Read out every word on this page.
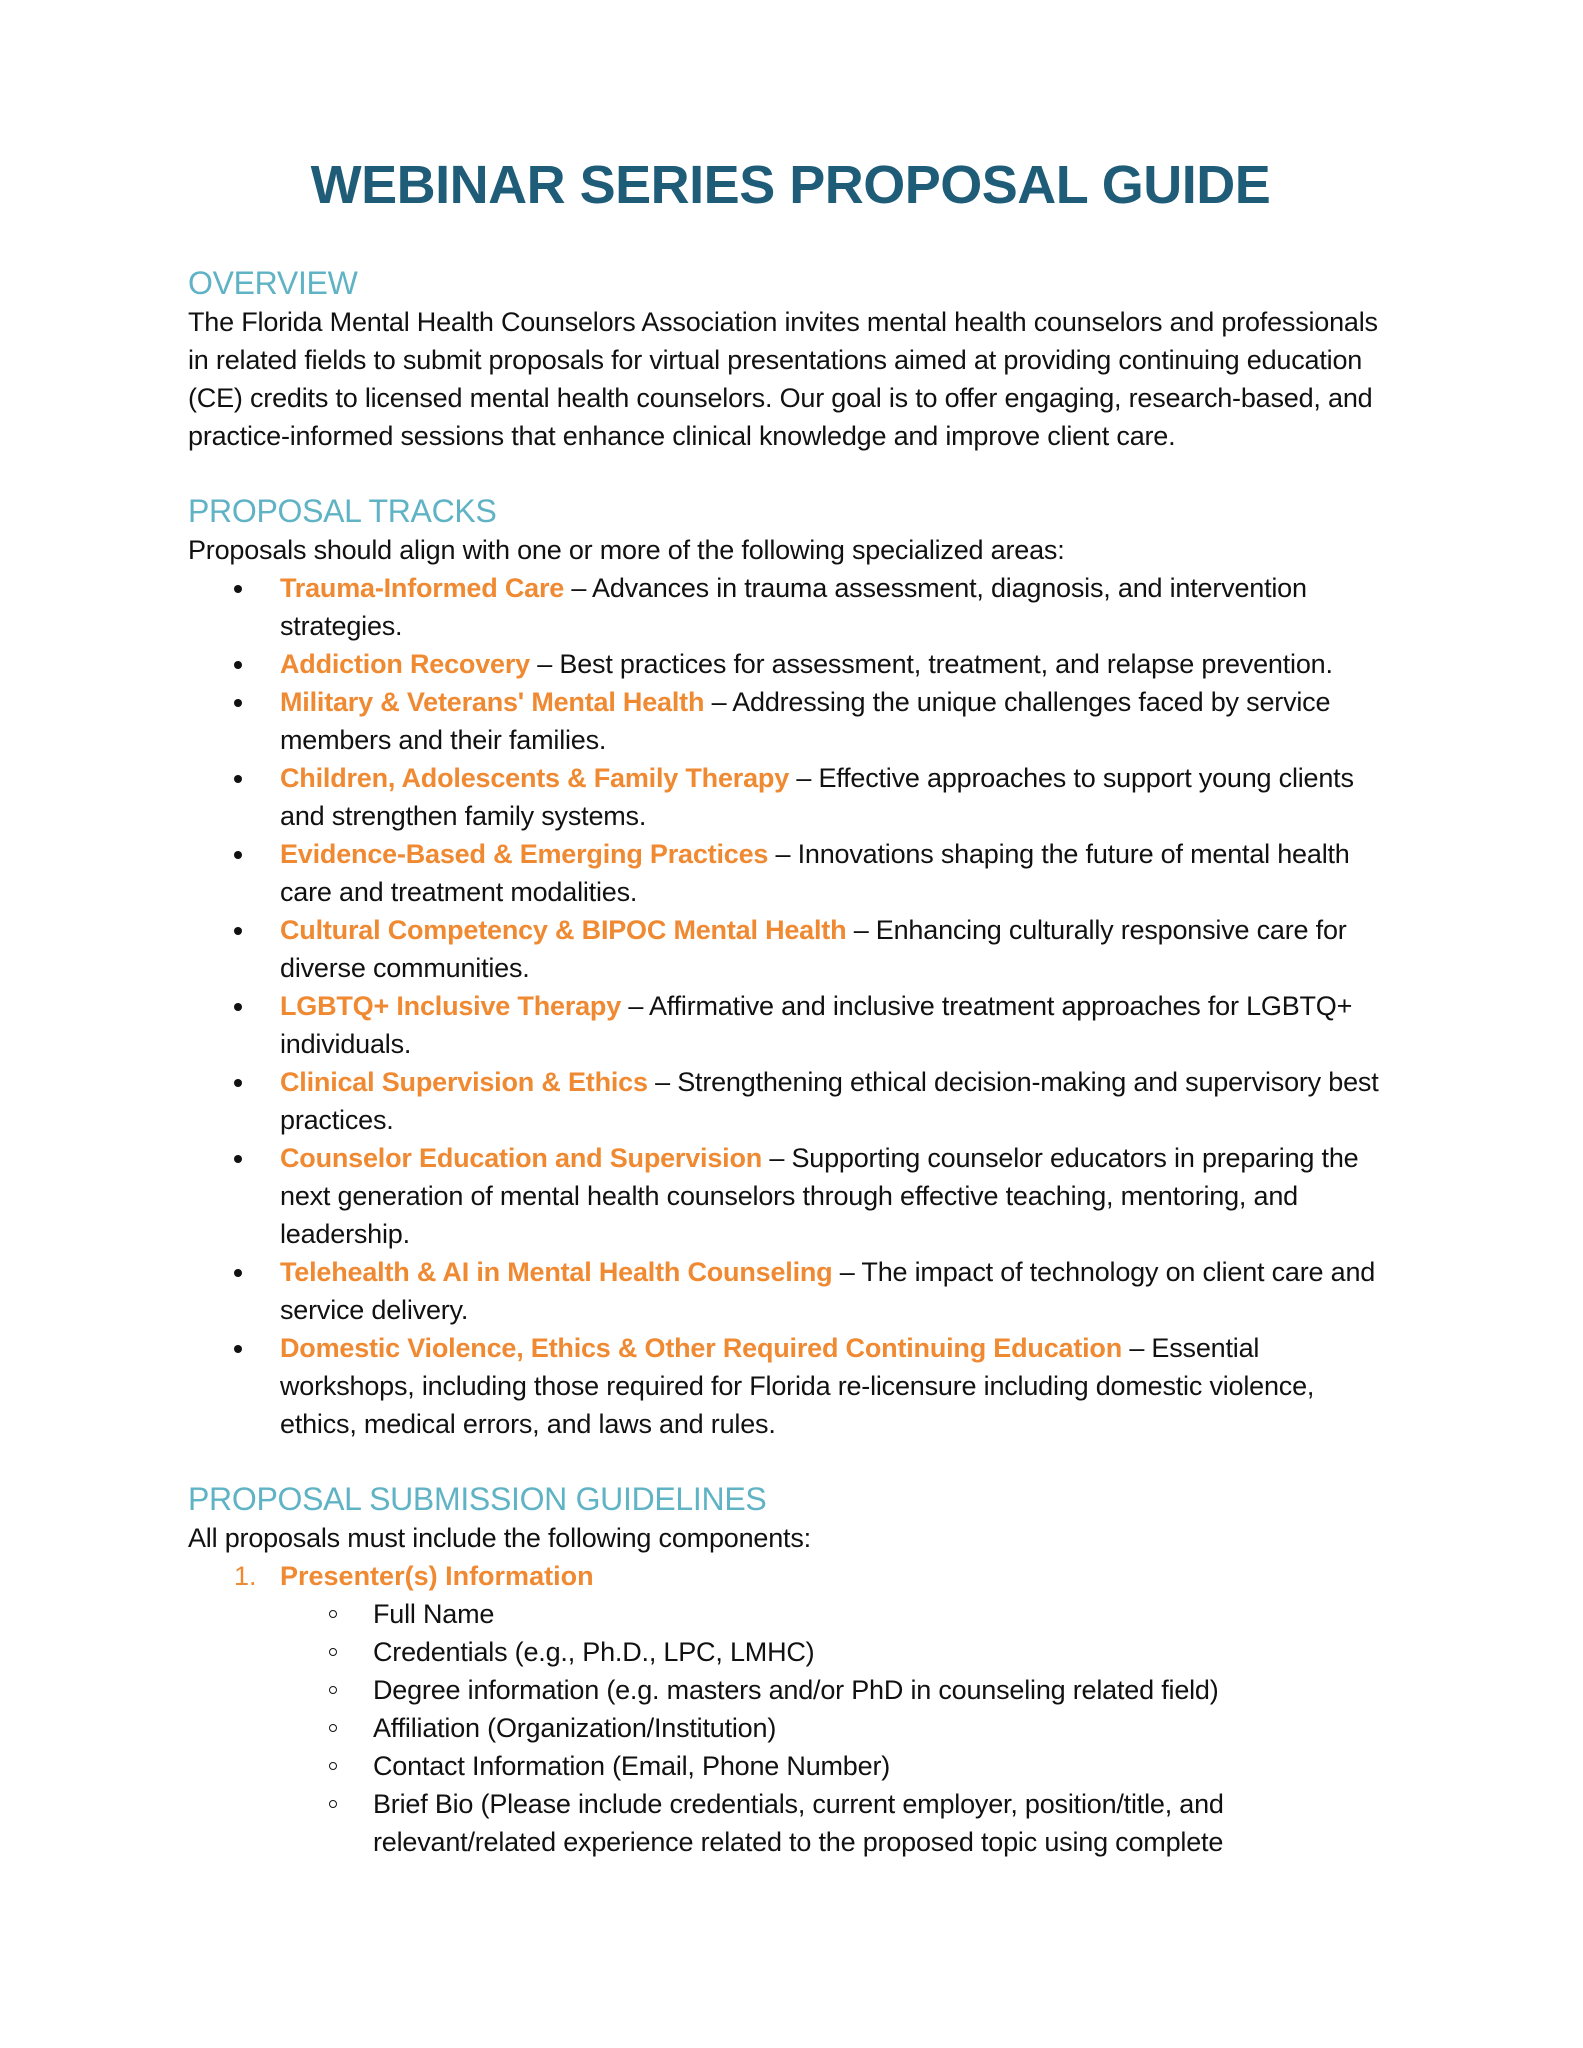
WEBINAR SERIES PROPOSAL GUIDE
OVERVIEW

The Florida Mental Health Counselors Association invites mental health counselors and professionals in related fields to submit proposals for virtual presentations aimed at providing continuing education (CE) credits to licensed mental health counselors. Our goal is to offer engaging, research-based, and practice-informed sessions that enhance clinical knowledge and improve client care.

PROPOSAL TRACKS

Proposals should align with one or more of the following specialized areas:

Trauma-Informed Care – Advances in trauma assessment, diagnosis, and intervention strategies.
Addiction Recovery – Best practices for assessment, treatment, and relapse prevention.
Military & Veterans' Mental Health – Addressing the unique challenges faced by service members and their families.
Children, Adolescents & Family Therapy – Effective approaches to support young clients and strengthen family systems.
Evidence-Based & Emerging Practices – Innovations shaping the future of mental health care and treatment modalities.
Cultural Competency & BIPOC Mental Health – Enhancing culturally responsive care for diverse communities.
LGBTQ+ Inclusive Therapy – Affirmative and inclusive treatment approaches for LGBTQ+ individuals.
Clinical Supervision & Ethics – Strengthening ethical decision-making and supervisory best practices.
Counselor Education and Supervision – Supporting counselor educators in preparing the next generation of mental health counselors through effective teaching, mentoring, and leadership.
Telehealth & AI in Mental Health Counseling – The impact of technology on client care and service delivery.
Domestic Violence, Ethics & Other Required Continuing Education – Essential workshops, including those required for Florida re-licensure including domestic violence, ethics, medical errors, and laws and rules.
PROPOSAL SUBMISSION GUIDELINES

All proposals must include the following components:

1. Presenter(s) Information
Full Name
Credentials (e.g., Ph.D., LPC, LMHC)
Degree information (e.g. masters and/or PhD in counseling related field)
Affiliation (Organization/Institution)
Contact Information (Email, Phone Number)
Brief Bio (Please include credentials, current employer, position/title, and relevant/related experience related to the proposed topic using complete
